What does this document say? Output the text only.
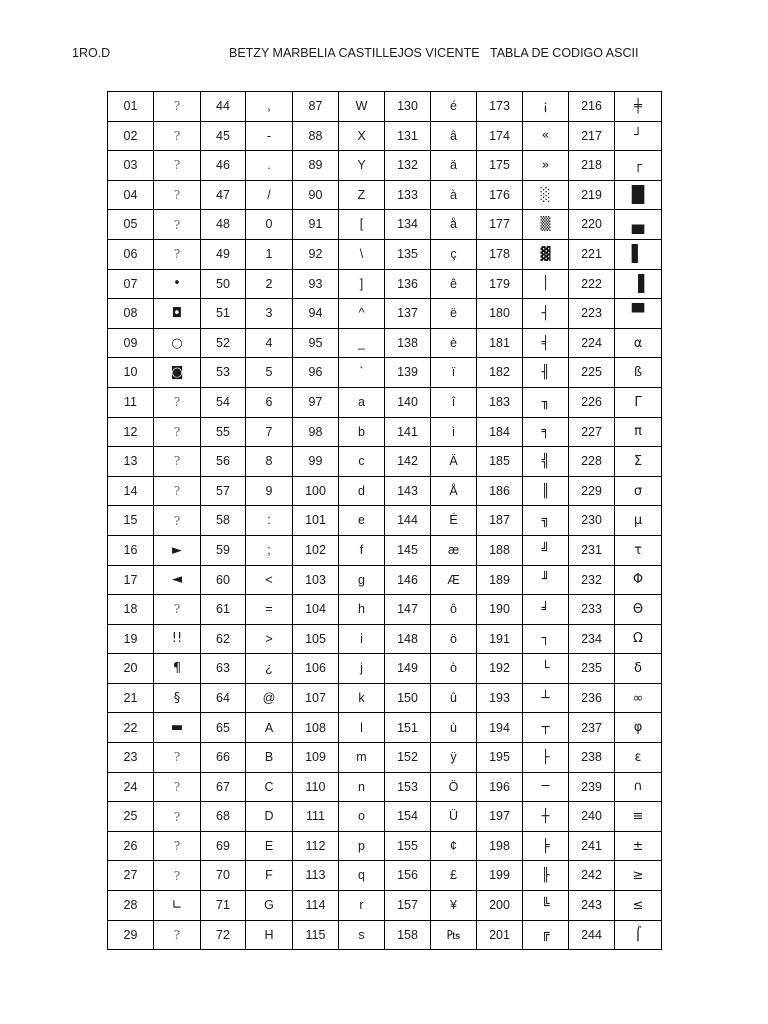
1RO.D	BETZY MARBELIA CASTILLEJOS VICENTE TABLA DE CODIGO ASCII
01	?	44	,	87	W	130	é	173	¡	216	╪
02	?	45	-	88	X	131	â	174	«	217	┘
03	?	46	.	89	Y	132	ä	175	»	218	┌
04	?	47	/	90	Z	133	à	176	░	219	█
05	?	48	0	91	[	134	å	177	▒	220	▄
06	?	49	1	92	\	135	ç	178	▓	221	▌
07	•	50	2	93	]	136	ê	179	│	222	▐
08	◘	51	3	94	^	137	ë	180	┤	223	▀
09	○	52	4	95	_	138	è	181	╡	224	α
10	◙	53	5	96	`	139	ï	182	╢	225	ß
11	?	54	6	97	a	140	î	183	╖	226	Γ
12	?	55	7	98	b	141	ì	184	╕	227	π
13	?	56	8	99	c	142	Ä	185	╣	228	Σ
14	?	57	9	100	d	143	Å	186	║	229	σ
15	?	58	:	101	e	144	É	187	╗	230	µ
16	►	59	;	102	f	145	æ	188	╝	231	τ
17	◄	60	<	103	g	146	Æ	189	╜	232	Φ
18	?	61	=	104	h	147	ô	190	╛	233	Θ
19	!!	62	>	105	i	148	ö	191	┐	234	Ω
20	¶	63	¿	106	j	149	ò	192	└	235	δ
21	§	64	@	107	k	150	û	193	┴	236	∞
22	▬	65	A	108	l	151	ù	194	┬	237	φ
23	?	66	B	109	m	152	ÿ	195	├	238	ε
24	?	67	C	110	n	153	Ö	196	─	239	∩
25	?	68	D	111	o	154	Ü	197	┼	240	≡
26	?	69	E	112	p	155	¢	198	╞	241	±
27	?	70	F	113	q	156	£	199	╟	242	≥
28	∟	71	G	114	r	157	¥	200	╚	243	≤
29	?	72	H	115	s	158	₧	201	╔	244	⌠
